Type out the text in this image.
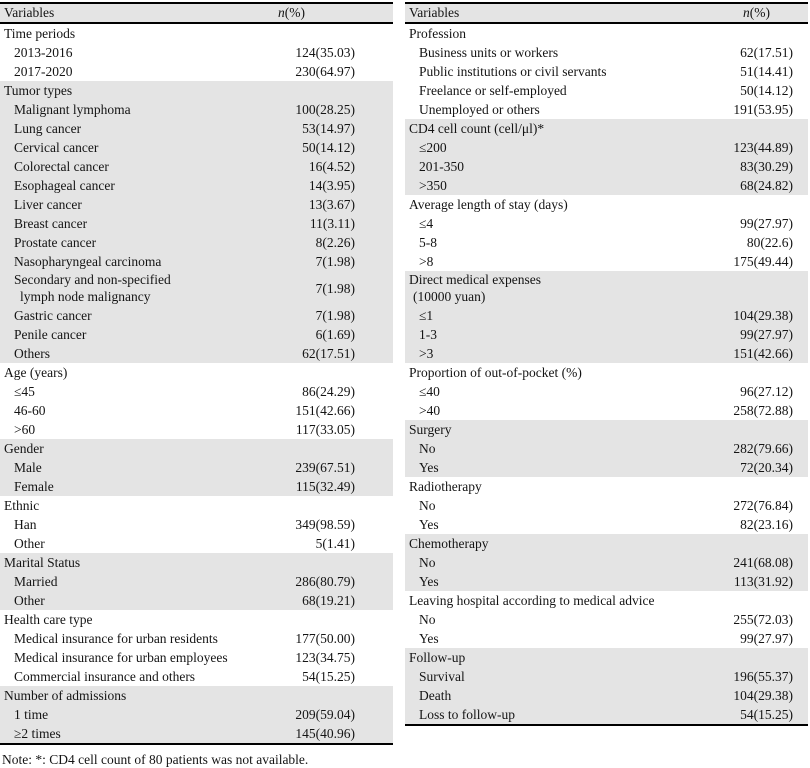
Variables	n(%)
Time periods
2013-2016	124(35.03)
2017-2020	230(64.97)
Tumor types
Malignant lymphoma	100(28.25)
Lung cancer	53(14.97)
Cervical cancer	50(14.12)
Colorectal cancer	16(4.52)
Esophageal cancer	14(3.95)
Liver cancer	13(3.67)
Breast cancer	11(3.11)
Prostate cancer	8(2.26)
Nasopharyngeal carcinoma	7(1.98)
Secondary and non-specified
lymph node malignancy	7(1.98)
Gastric cancer	7(1.98)
Penile cancer	6(1.69)
Others	62(17.51)
Age (years)
≤45	86(24.29)
46-60	151(42.66)
>60	117(33.05)
Gender
Male	239(67.51)
Female	115(32.49)
Ethnic
Han	349(98.59)
Other	5(1.41)
Marital Status
Married	286(80.79)
Other	68(19.21)
Health care type
Medical insurance for urban residents	177(50.00)
Medical insurance for urban employees	123(34.75)
Commercial insurance and others	54(15.25)
Number of admissions
1 time	209(59.04)
≥2 times	145(40.96)
Variables	n(%)
Profession
Business units or workers	62(17.51)
Public institutions or civil servants	51(14.41)
Freelance or self-employed	50(14.12)
Unemployed or others	191(53.95)
CD4 cell count (cell/μl)*
≤200	123(44.89)
201-350	83(30.29)
>350	68(24.82)
Average length of stay (days)
≤4	99(27.97)
5-8	80(22.6)
>8	175(49.44)
Direct medical expenses
(10000 yuan)
≤1	104(29.38)
1-3	99(27.97)
>3	151(42.66)
Proportion of out-of-pocket (%)
≤40	96(27.12)
>40	258(72.88)
Surgery
No	282(79.66)
Yes	72(20.34)
Radiotherapy
No	272(76.84)
Yes	82(23.16)
Chemotherapy
No	241(68.08)
Yes	113(31.92)
Leaving hospital according to medical advice
No	255(72.03)
Yes	99(27.97)
Follow-up
Survival	196(55.37)
Death	104(29.38)
Loss to follow-up	54(15.25)
Note: *: CD4 cell count of 80 patients was not available.
